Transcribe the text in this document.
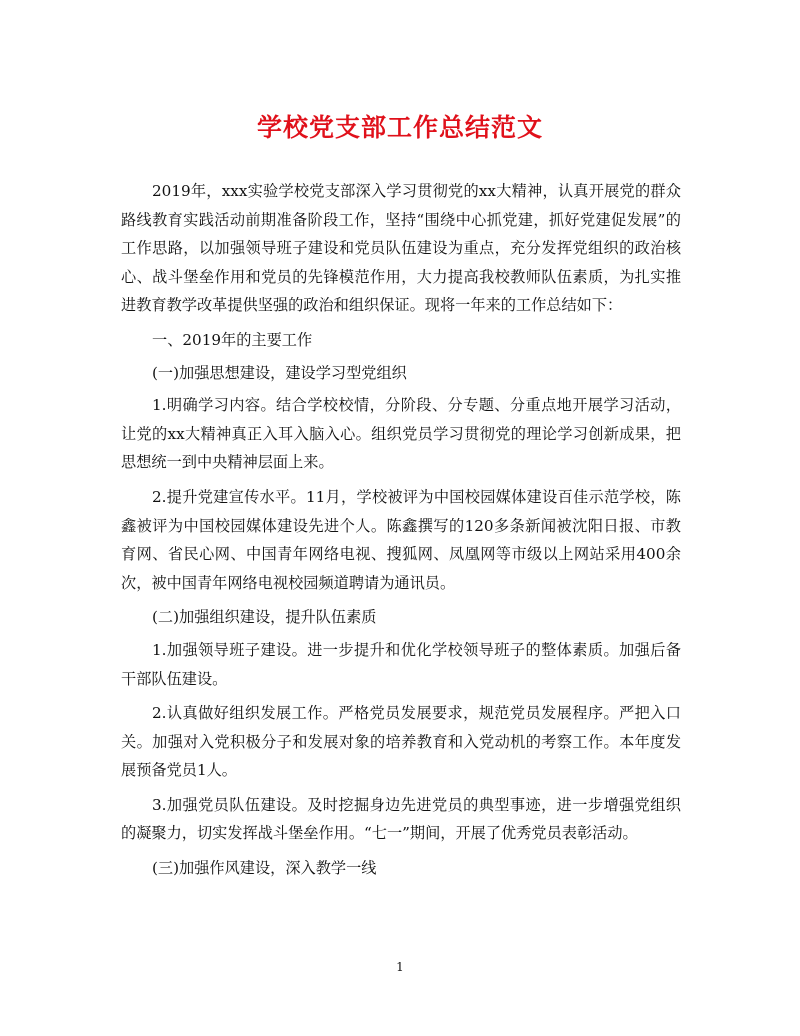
学校党支部工作总结范文

2019年，xxx实验学校党支部深入学习贯彻党的xx大精神，认真开展党的群众路线教育实践活动前期准备阶段工作，坚持“围绕中心抓党建，抓好党建促发展”的工作思路，以加强领导班子建设和党员队伍建设为重点，充分发挥党组织的政治核心、战斗堡垒作用和党员的先锋模范作用，大力提高我校教师队伍素质，为扎实推进教育教学改革提供坚强的政治和组织保证。现将一年来的工作总结如下：

一、2019年的主要工作

(一)加强思想建设，建设学习型党组织

1.明确学习内容。结合学校校情，分阶段、分专题、分重点地开展学习活动，让党的xx大精神真正入耳入脑入心。组织党员学习贯彻党的理论学习创新成果，把思想统一到中央精神层面上来。

2.提升党建宣传水平。11月，学校被评为中国校园媒体建设百佳示范学校，陈鑫被评为中国校园媒体建设先进个人。陈鑫撰写的120多条新闻被沈阳日报、市教育网、省民心网、中国青年网络电视、搜狐网、凤凰网等市级以上网站采用400余次，被中国青年网络电视校园频道聘请为通讯员。

(二)加强组织建设，提升队伍素质

1.加强领导班子建设。进一步提升和优化学校领导班子的整体素质。加强后备干部队伍建设。

2.认真做好组织发展工作。严格党员发展要求，规范党员发展程序。严把入口关。加强对入党积极分子和发展对象的培养教育和入党动机的考察工作。本年度发展预备党员1人。

3.加强党员队伍建设。及时挖掘身边先进党员的典型事迹，进一步增强党组织的凝聚力，切实发挥战斗堡垒作用。“七一”期间，开展了优秀党员表彰活动。

(三)加强作风建设，深入教学一线

1
